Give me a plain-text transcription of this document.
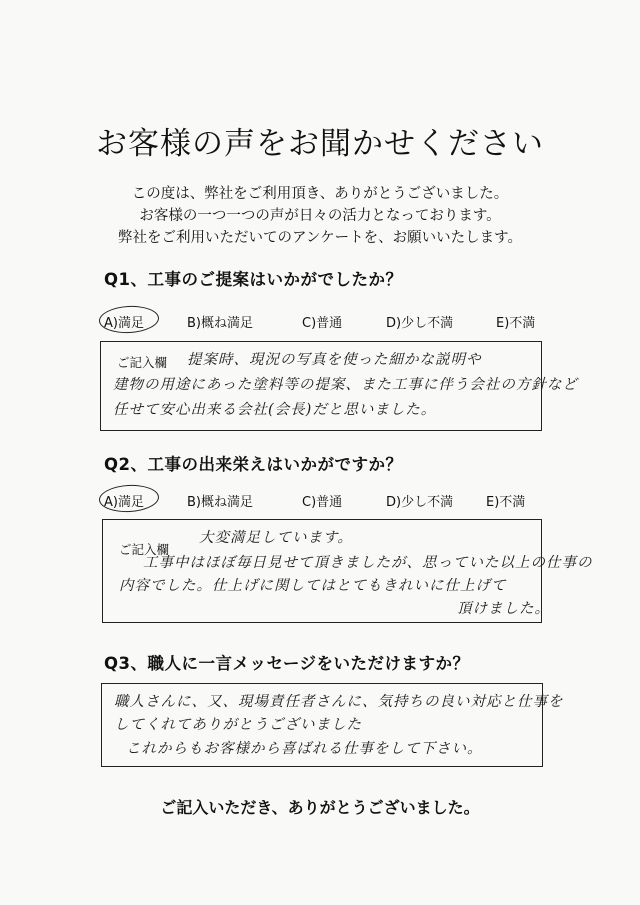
お客様の声をお聞かせください
この度は、弊社をご利用頂き、ありがとうございました。
お客様の一つ一つの声が日々の活力となっております。
弊社をご利用いただいてのアンケートを、お願いいたします。
Q1、工事のご提案はいかがでしたか？
A)満足	B)概ね満足	C)普通	D)少し不満	E)不満
ご記入欄 提案時、現況の写真を使った細かな説明や
建物の用途にあった塗料等の提案、また工事に伴う会社の方針など
任せて安心出来る会社(会長)だと思いました。
Q2、工事の出来栄えはいかがですか？
A)満足	B)概ね満足	C)普通	D)少し不満	E)不満
ご記入欄
大変満足しています。
工事中はほぼ毎日見せて頂きましたが、思っていた以上の仕事の
内容でした。仕上げに関してはとてもきれいに仕上げて
頂けました。
Q3、職人に一言メッセージをいただけますか？
職人さんに、又、現場責任者さんに、気持ちの良い対応と仕事を
してくれてありがとうございました
これからもお客様から喜ばれる仕事をして下さい。
ご記入いただき、ありがとうございました。
